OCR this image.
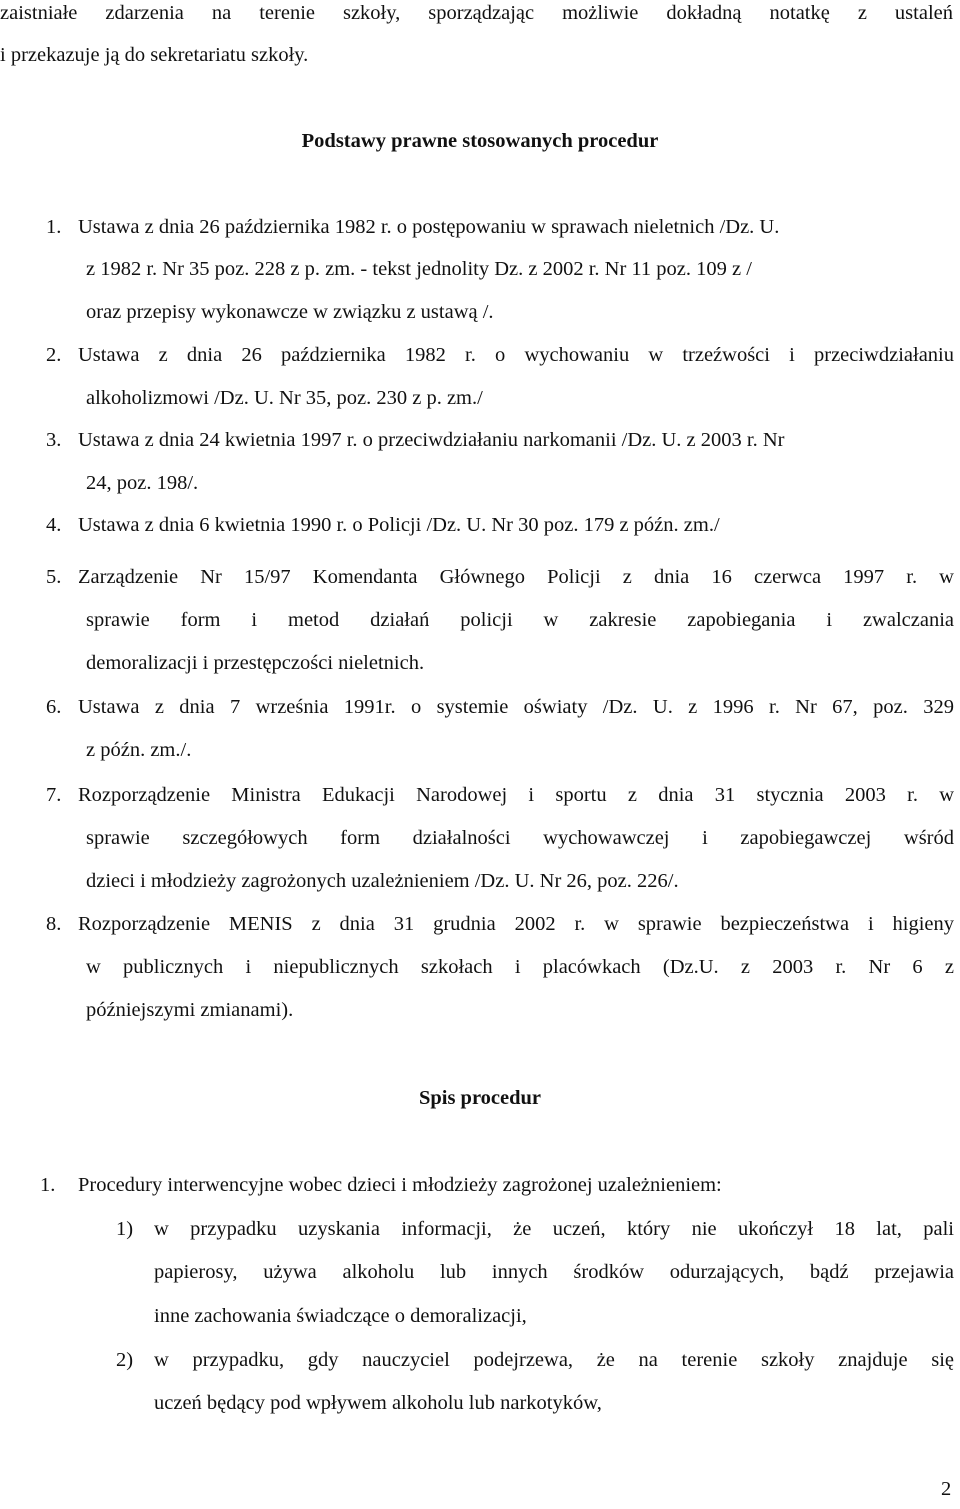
zaistniałe zdarzenia na terenie szkoły, sporządzając możliwie dokładną notatkę z ustaleń
i przekazuje ją do sekretariatu szkoły.
Podstawy prawne stosowanych procedur
1. Ustawa z dnia 26 października 1982 r. o postępowaniu w sprawach nieletnich /Dz. U.
z 1982 r. Nr 35 poz. 228 z p. zm. - tekst jednolity Dz. z 2002 r. Nr 11 poz. 109 z /
oraz przepisy wykonawcze w związku z ustawą /.
2. Ustawa z dnia 26 października 1982 r. o wychowaniu w trzeźwości i przeciwdziałaniu
alkoholizmowi /Dz. U. Nr 35, poz. 230 z p. zm./
3. Ustawa z dnia 24 kwietnia 1997 r. o przeciwdziałaniu narkomanii /Dz. U. z 2003 r. Nr
24, poz. 198/.
4. Ustawa z dnia 6 kwietnia 1990 r. o Policji /Dz. U. Nr 30 poz. 179 z późn. zm./
5. Zarządzenie Nr 15/97 Komendanta Głównego Policji z dnia 16 czerwca 1997 r. w
sprawie form i metod działań policji w zakresie zapobiegania i zwalczania
demoralizacji i przestępczości nieletnich.
6. Ustawa z dnia 7 września 1991r. o systemie oświaty /Dz. U. z 1996 r. Nr 67, poz. 329
z późn. zm./.
7. Rozporządzenie Ministra Edukacji Narodowej i sportu z dnia 31 stycznia 2003 r. w
sprawie szczegółowych form działalności wychowawczej i zapobiegawczej wśród
dzieci i młodzieży zagrożonych uzależnieniem /Dz. U. Nr 26, poz. 226/.
8. Rozporządzenie MENIS z dnia 31 grudnia 2002 r. w sprawie bezpieczeństwa i higieny
w publicznych i niepublicznych szkołach i placówkach (Dz.U. z 2003 r. Nr 6 z
późniejszymi zmianami).
Spis procedur
1. Procedury interwencyjne wobec dzieci i młodzieży zagrożonej uzależnieniem:
1) w przypadku uzyskania informacji, że uczeń, który nie ukończył 18 lat, pali
papierosy, używa alkoholu lub innych środków odurzających, bądź przejawia
inne zachowania świadczące o demoralizacji,
2) w przypadku, gdy nauczyciel podejrzewa, że na terenie szkoły znajduje się
uczeń będący pod wpływem alkoholu lub narkotyków,
2
